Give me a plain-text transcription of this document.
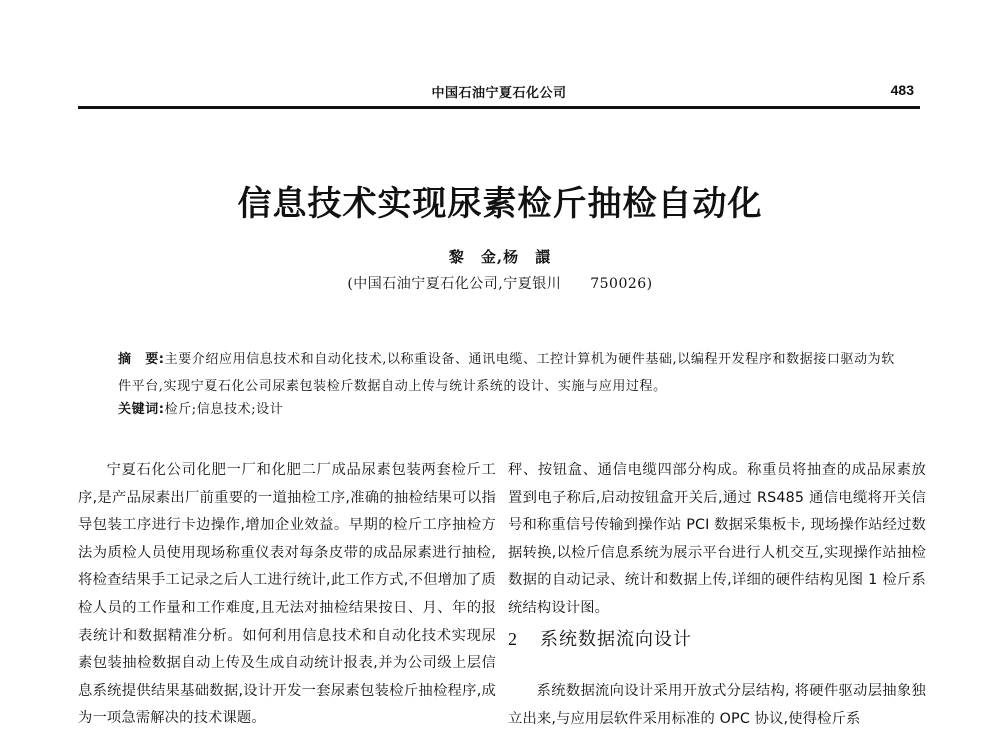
中国石油宁夏石化公司	483
信息技术实现尿素检斤抽检自动化
黎　金,杨　譞
(中国石油宁夏石化公司,宁夏银川　　750026)
摘　要:主要介绍应用信息技术和自动化技术,以称重设备、通讯电缆、工控计算机为硬件基础,以编程开发程序和数据接口驱动为软件平台,实现宁夏石化公司尿素包装检斤数据自动上传与统计系统的设计、实施与应用过程。
关键词:检斤;信息技术;设计
宁夏石化公司化肥一厂和化肥二厂成品尿素包装两套检斤工序,是产品尿素出厂前重要的一道抽检工序,准确的抽检结果可以指导包装工序进行卡边操作,增加企业效益。早期的检斤工序抽检方法为质检人员使用现场称重仪表对每条皮带的成品尿素进行抽检,将检查结果手工记录之后人工进行统计,此工作方式,不但增加了质检人员的工作量和工作难度,且无法对抽检结果按日、月、年的报表统计和数据精准分析。如何利用信息技术和自动化技术实现尿素包装抽检数据自动上传及生成自动统计报表,并为公司级上层信息系统提供结果基础数据,设计开发一套尿素包装检斤抽检程序,成为一项急需解决的技术课题。
秤、按钮盒、通信电缆四部分构成。称重员将抽查的成品尿素放置到电子称后,启动按钮盒开关后,通过 RS485 通信电缆将开关信号和称重信号传输到操作站 PCI 数据采集板卡, 现场操作站经过数据转换,以检斤信息系统为展示平台进行人机交互,实现操作站抽检数据的自动记录、统计和数据上传,详细的硬件结构见图 1 检斤系统结构设计图。
2 系统数据流向设计
系统数据流向设计采用开放式分层结构, 将硬件驱动层抽象独立出来,与应用层软件采用标准的 OPC 协议,使得检斤系
